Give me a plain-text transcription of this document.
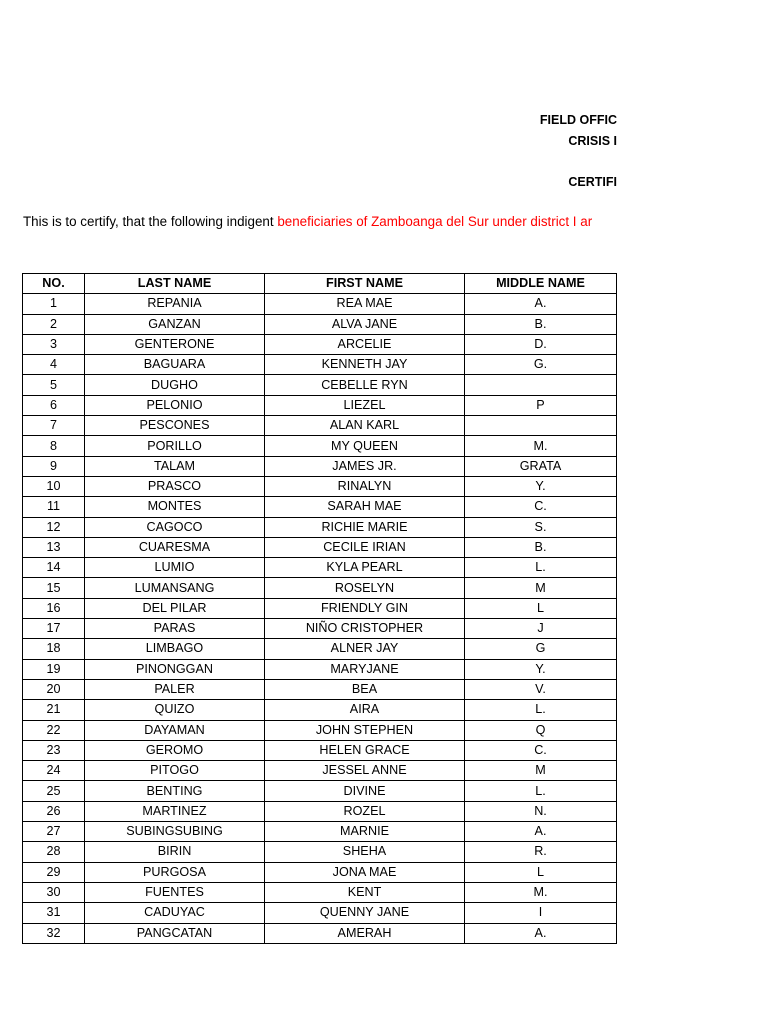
FIELD OFFIC
CRISIS I
CERTIFI
This is to certify, that the following indigent beneficiaries of Zamboanga del Sur under district I ar
NO.	LAST NAME	FIRST NAME	MIDDLE NAME
1	REPANIA	REA MAE	A.
2	GANZAN	ALVA JANE	B.
3	GENTERONE	ARCELIE	D.
4	BAGUARA	KENNETH JAY	G.
5	DUGHO	CEBELLE RYN	
6	PELONIO	LIEZEL	P
7	PESCONES	ALAN KARL	
8	PORILLO	MY QUEEN	M.
9	TALAM	JAMES JR.	GRATA
10	PRASCO	RINALYN	Y.
11	MONTES	SARAH MAE	C.
12	CAGOCO	RICHIE MARIE	S.
13	CUARESMA	CECILE IRIAN	B.
14	LUMIO	KYLA PEARL	L.
15	LUMANSANG	ROSELYN	M
16	DEL PILAR	FRIENDLY GIN	L
17	PARAS	NIÑO CRISTOPHER	J
18	LIMBAGO	ALNER JAY	G
19	PINONGGAN	MARYJANE	Y.
20	PALER	BEA	V.
21	QUIZO	AIRA	L.
22	DAYAMAN	JOHN STEPHEN	Q
23	GEROMO	HELEN GRACE	C.
24	PITOGO	JESSEL ANNE	M
25	BENTING	DIVINE	L.
26	MARTINEZ	ROZEL	N.
27	SUBINGSUBING	MARNIE	A.
28	BIRIN	SHEHA	R.
29	PURGOSA	JONA MAE	L
30	FUENTES	KENT	M.
31	CADUYAC	QUENNY JANE	I
32	PANGCATAN	AMERAH	A.
